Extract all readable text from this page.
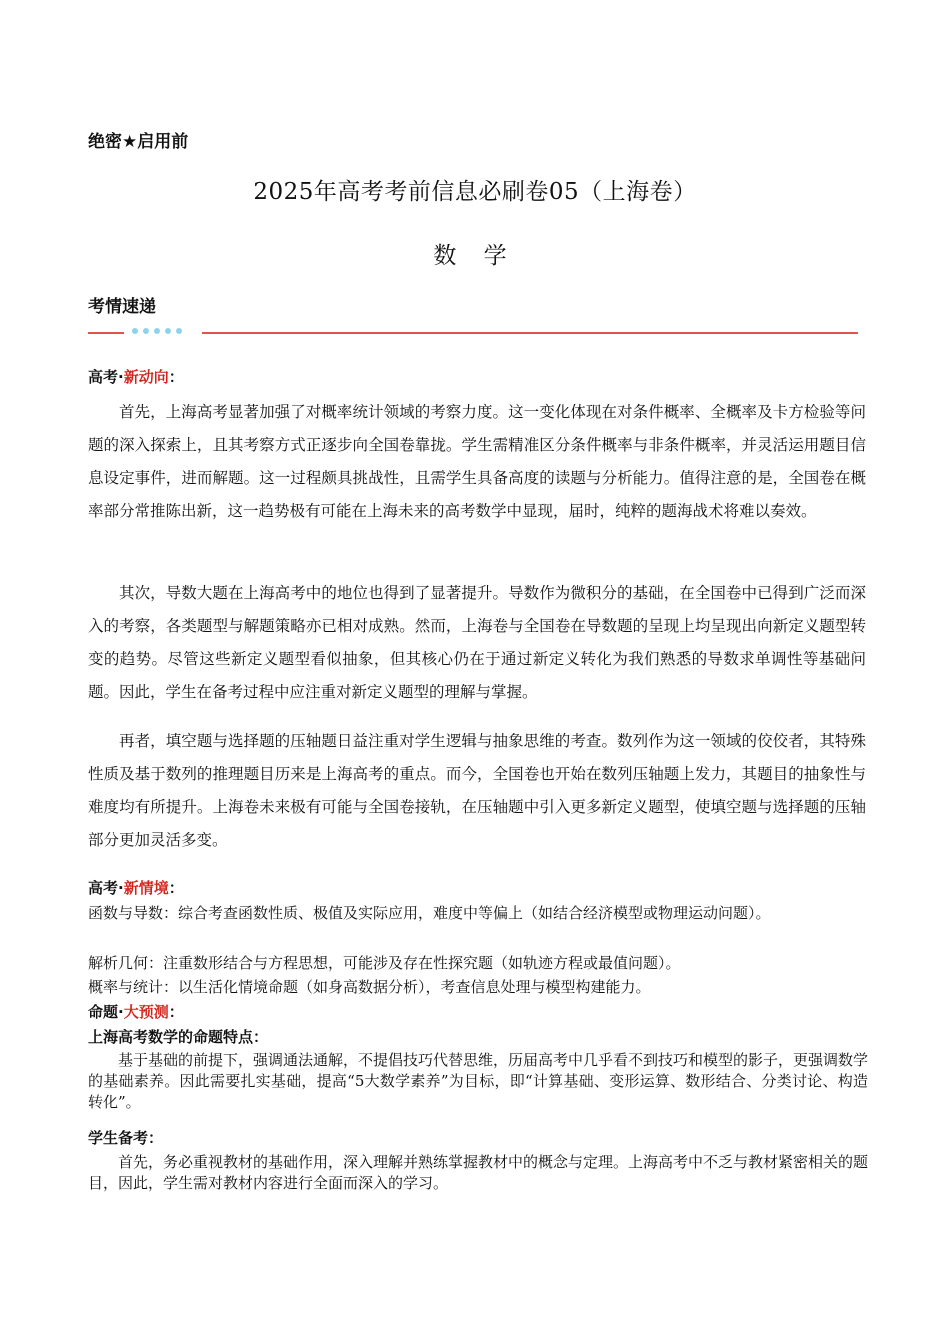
绝密★启用前
2025年高考考前信息必刷卷05（上海卷）
数 学
考情速递
高考·新动向：

首先，上海高考显著加强了对概率统计领域的考察力度。这一变化体现在对条件概率、全概率及卡方检验等问题的深入探索上，且其考察方式正逐步向全国卷靠拢。学生需精准区分条件概率与非条件概率，并灵活运用题目信息设定事件，进而解题。这一过程颇具挑战性，且需学生具备高度的读题与分析能力。值得注意的是，全国卷在概率部分常推陈出新，这一趋势极有可能在上海未来的高考数学中显现，届时，纯粹的题海战术将难以奏效。

其次，导数大题在上海高考中的地位也得到了显著提升。导数作为微积分的基础，在全国卷中已得到广泛而深入的考察，各类题型与解题策略亦已相对成熟。然而，上海卷与全国卷在导数题的呈现上均呈现出向新定义题型转变的趋势。尽管这些新定义题型看似抽象，但其核心仍在于通过新定义转化为我们熟悉的导数求单调性等基础问题。因此，学生在备考过程中应注重对新定义题型的理解与掌握。

再者，填空题与选择题的压轴题日益注重对学生逻辑与抽象思维的考查。数列作为这一领域的佼佼者，其特殊性质及基于数列的推理题目历来是上海高考的重点。而今，全国卷也开始在数列压轴题上发力，其题目的抽象性与难度均有所提升。上海卷未来极有可能与全国卷接轨，在压轴题中引入更多新定义题型，使填空题与选择题的压轴部分更加灵活多变。

高考·新情境：

函数与导数：综合考查函数性质、极值及实际应用，难度中等偏上（如结合经济模型或物理运动问题）。

解析几何：注重数形结合与方程思想，可能涉及存在性探究题（如轨迹方程或最值问题）。

概率与统计：以生活化情境命题（如身高数据分析），考查信息处理与模型构建能力。

命题·大预测：
上海高考数学的命题特点：

基于基础的前提下，强调通法通解，不提倡技巧代替思维，历届高考中几乎看不到技巧和模型的影子，更强调数学的基础素养。因此需要扎实基础，提高“5大数学素养”为目标，即“计算基础、变形运算、数形结合、分类讨论、构造转化”。

学生备考：

首先，务必重视教材的基础作用，深入理解并熟练掌握教材中的概念与定理。上海高考中不乏与教材紧密相关的题目，因此，学生需对教材内容进行全面而深入的学习。
